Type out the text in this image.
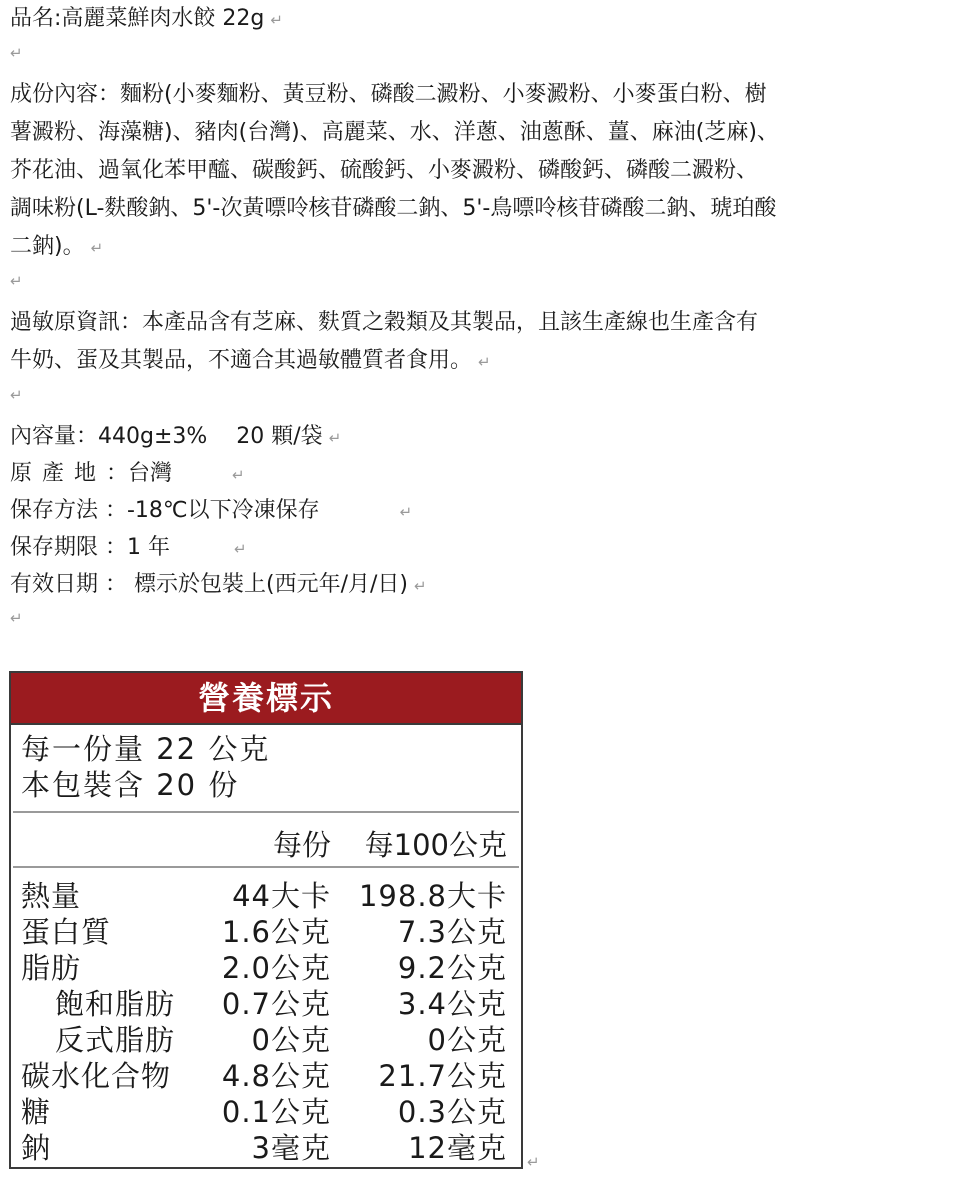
品名:高麗菜鮮肉水餃 22g ↵
↵
成份內容：麵粉(小麥麵粉、黃豆粉、磷酸二澱粉、小麥澱粉、小麥蛋白粉、樹
薯澱粉、海藻糖)、豬肉(台灣)、高麗菜、水、洋蔥、油蔥酥、薑、麻油(芝麻)、
芥花油、過氧化苯甲醯、碳酸鈣、硫酸鈣、小麥澱粉、磷酸鈣、磷酸二澱粉、
調味粉(L-麩酸鈉、5'-次黃嘌呤核苷磷酸二鈉、5'-鳥嘌呤核苷磷酸二鈉、琥珀酸
二鈉)。 ↵
↵
過敏原資訊：本產品含有芝麻、麩質之穀類及其製品，且該生產線也生產含有
牛奶、蛋及其製品，不適合其過敏體質者食用。 ↵
↵
內容量：440g±3%　 20 顆/袋 ↵
原產地：台灣	↵
保存方法 ：-18℃以下冷凍保存	↵
保存期限 ：1 年	↵
有效日期 ： 標示於包裝上(西元年/月/日) ↵
↵
營養標示
每一份量 22 公克
本包裝含 20 份
每份 每100公克
熱量	44大卡 198.8大卡
蛋白質	1.6公克 7.3公克
脂肪	2.0公克 9.2公克
飽和脂肪 0.7公克 3.4公克
反式脂肪	0公克	0公克
碳水化合物 4.8公克 21.7公克
糖	0.1公克 0.3公克
鈉	3毫克	12毫克 ↵
